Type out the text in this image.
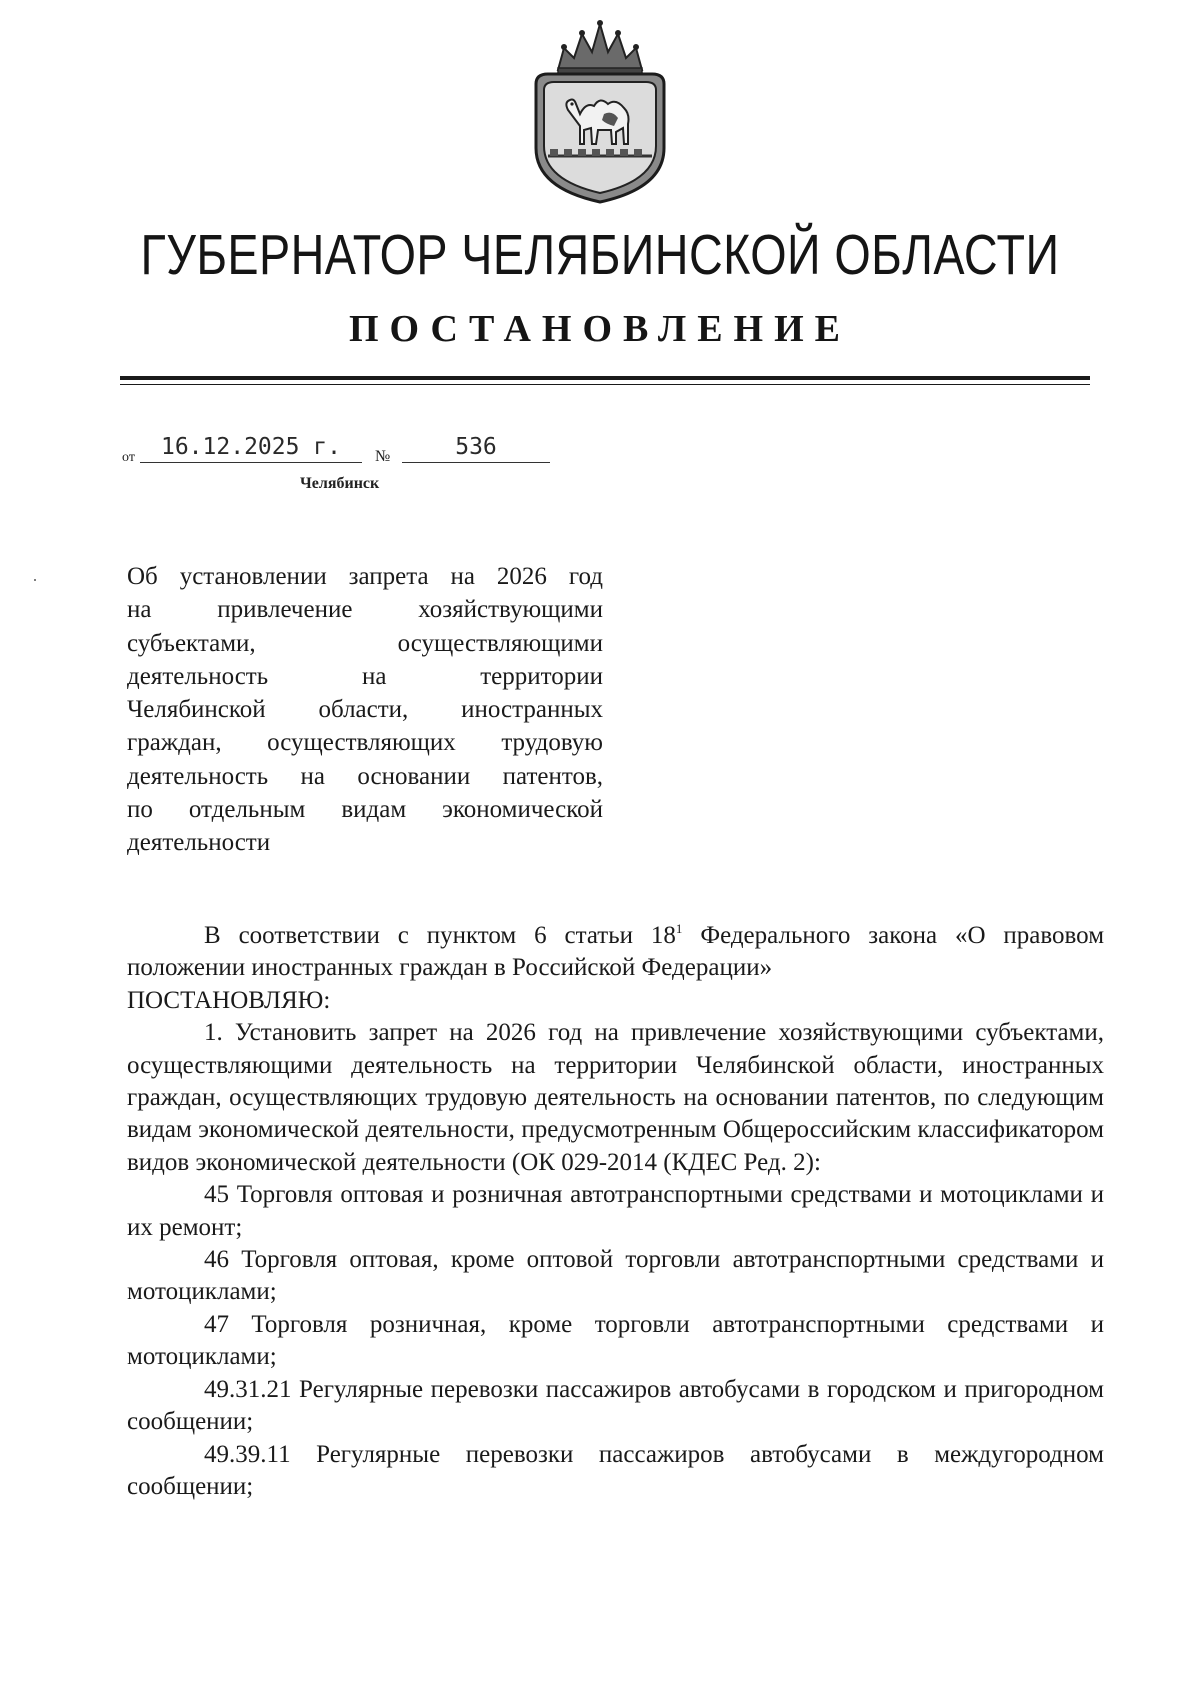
ГУБЕРНАТОР ЧЕЛЯБИНСКОЙ ОБЛАСТИ
ПОСТАНОВЛЕНИЕ
от	16.12.2025 г.	№	536
Челябинск
Об установлении запрета на 2026 год
на привлечение хозяйствующими
субъектами, осуществляющими
деятельность на территории
Челябинской области, иностранных
граждан, осуществляющих трудовую
деятельность на основании патентов,
по отдельным видам экономической
деятельности

В соответствии с пунктом 6 статьи $18^1$ Федерального закона «О правовом положении иностранных граждан в Российской Федерации»

ПОСТАНОВЛЯЮ:

1. Установить запрет на 2026 год на привлечение хозяйствующими субъектами, осуществляющими деятельность на территории Челябинской области, иностранных граждан, осуществляющих трудовую деятельность на основании патентов, по следующим видам экономической деятельности, предусмотренным Общероссийским классификатором видов экономической деятельности (ОК 029-2014 (КДЕС Ред. 2):

45 Торговля оптовая и розничная автотранспортными средствами и мотоциклами и их ремонт;

46 Торговля оптовая, кроме оптовой торговли автотранспортными средствами и мотоциклами;

47 Торговля розничная, кроме торговли автотранспортными средствами и мотоциклами;

49.31.21 Регулярные перевозки пассажиров автобусами в городском и пригородном сообщении;

49.39.11 Регулярные перевозки пассажиров автобусами в междугородном сообщении;
